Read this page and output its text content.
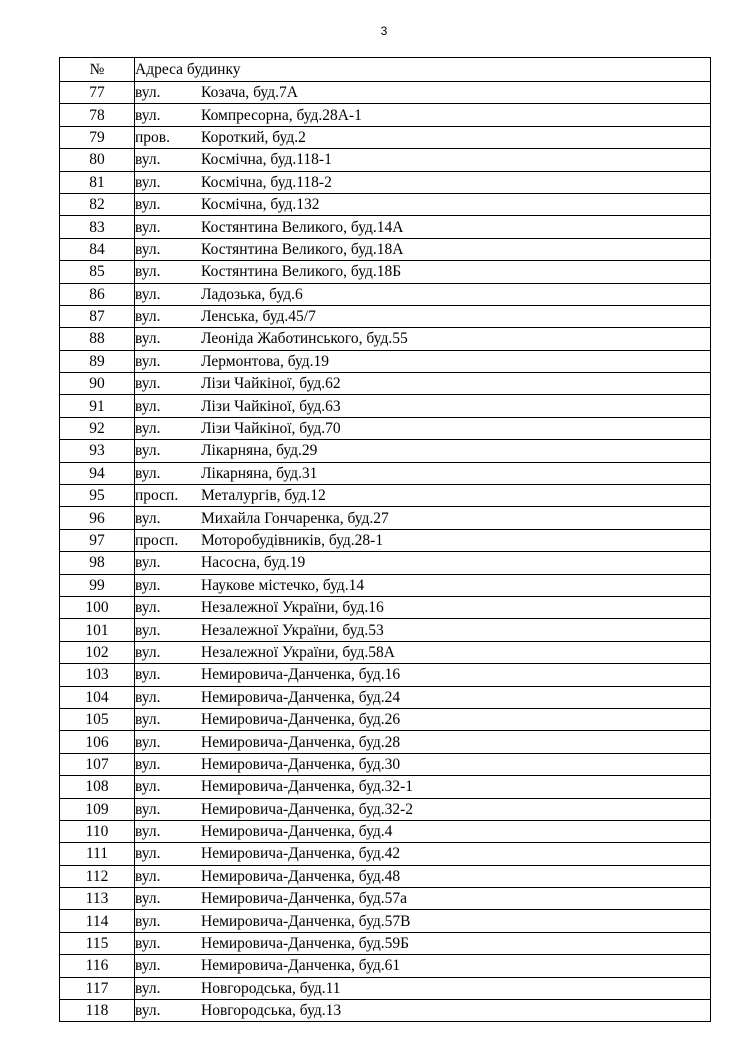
3
№	Адреса будинку
77	вул. Козача, буд.7А
78	вул. Компресорна, буд.28А-1
79	пров. Короткий, буд.2
80	вул. Космічна, буд.118-1
81	вул. Космічна, буд.118-2
82	вул. Космічна, буд.132
83	вул. Костянтина Великого, буд.14А
84	вул. Костянтина Великого, буд.18А
85	вул. Костянтина Великого, буд.18Б
86	вул. Ладозька, буд.6
87	вул. Ленська, буд.45/7
88	вул. Леоніда Жаботинського, буд.55
89	вул. Лермонтова, буд.19
90	вул. Лізи Чайкіної, буд.62
91	вул. Лізи Чайкіної, буд.63
92	вул. Лізи Чайкіної, буд.70
93	вул. Лікарняна, буд.29
94	вул. Лікарняна, буд.31
95	просп. Металургів, буд.12
96	вул. Михайла Гончаренка, буд.27
97	просп. Моторобудівників, буд.28-1
98	вул. Насосна, буд.19
99	вул. Наукове містечко, буд.14
100	вул. Незалежної України, буд.16
101	вул. Незалежної України, буд.53
102	вул. Незалежної України, буд.58А
103	вул. Немировича-Данченка, буд.16
104	вул. Немировича-Данченка, буд.24
105	вул. Немировича-Данченка, буд.26
106	вул. Немировича-Данченка, буд.28
107	вул. Немировича-Данченка, буд.30
108	вул. Немировича-Данченка, буд.32-1
109	вул. Немировича-Данченка, буд.32-2
110	вул. Немировича-Данченка, буд.4
111	вул. Немировича-Данченка, буд.42
112	вул. Немировича-Данченка, буд.48
113	вул. Немировича-Данченка, буд.57а
114	вул. Немировича-Данченка, буд.57В
115	вул. Немировича-Данченка, буд.59Б
116	вул. Немировича-Данченка, буд.61
117	вул. Новгородська, буд.11
118	вул. Новгородська, буд.13
